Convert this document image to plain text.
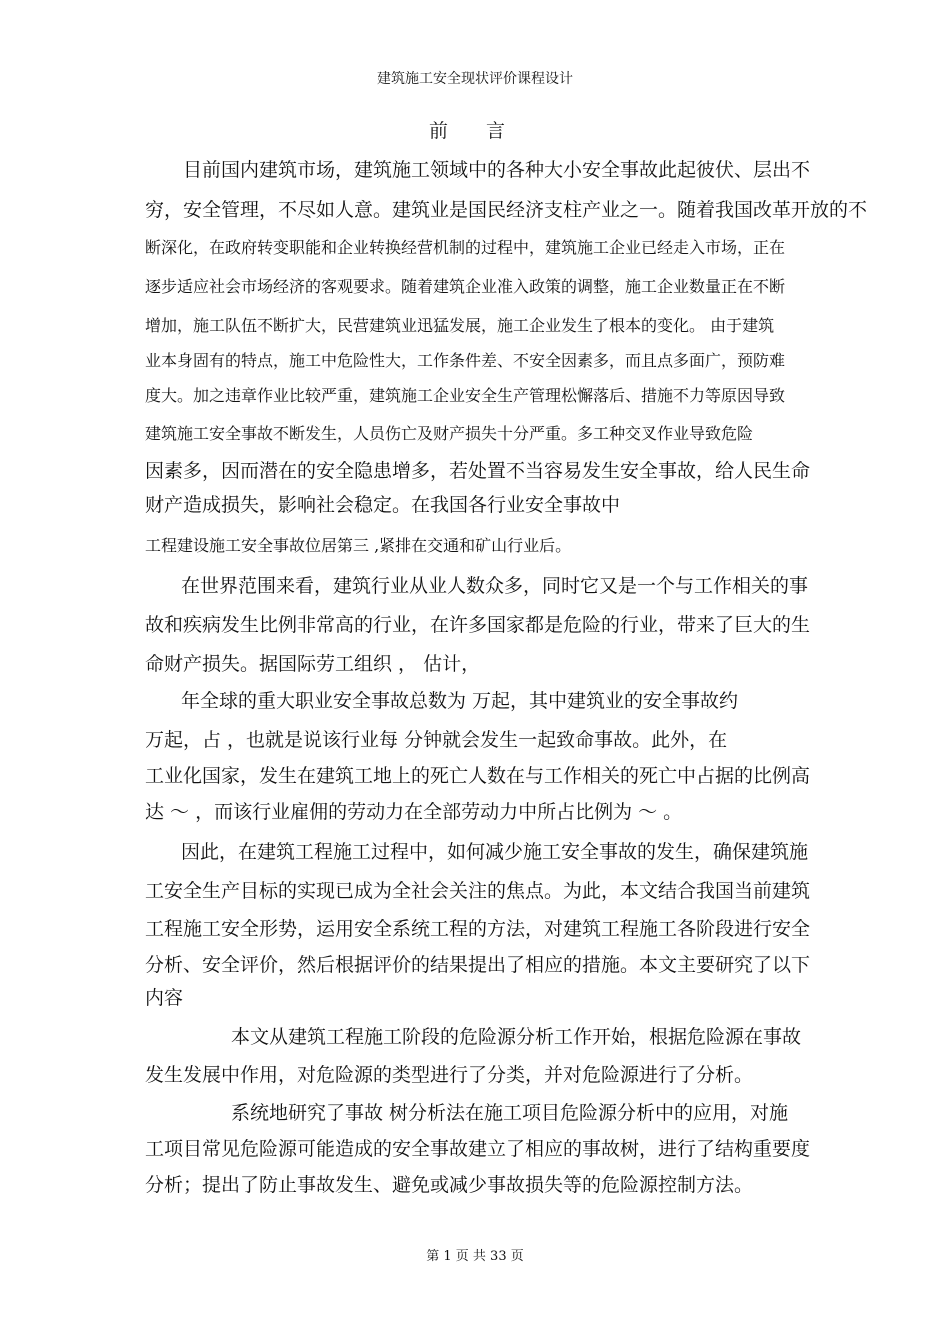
建筑施工安全现状评价课程设计
前 言
目前国内建筑市场，建筑施工领域中的各种大小安全事故此起彼伏、层出不
穷，安全管理，不尽如人意。建筑业是国民经济支柱产业之一。随着我国改革开放的不
断深化，在政府转变职能和企业转换经营机制的过程中，建筑施工企业已经走入市场，正在
逐步适应社会市场经济的客观要求。随着建筑企业准入政策的调整，施工企业数量正在不断
增加，施工队伍不断扩大，民营建筑业迅猛发展，施工企业发生了根本的变化。 由于建筑
业本身固有的特点，施工中危险性大，工作条件差、不安全因素多，而且点多面广，预防难
度大。加之违章作业比较严重，建筑施工企业安全生产管理松懈落后、措施不力等原因导致
建筑施工安全事故不断发生，人员伤亡及财产损失十分严重。多工种交叉作业导致危险
因素多，因而潜在的安全隐患增多，若处置不当容易发生安全事故，给人民生命
财产造成损失，影响社会稳定。在我国各行业安全事故中
工程建设施工安全事故位居第三 ,紧排在交通和矿山行业后。
在世界范围来看，建筑行业从业人数众多，同时它又是一个与工作相关的事
故和疾病发生比例非常高的行业，在许多国家都是危险的行业，带来了巨大的生
命财产损失。据国际劳工组织 ， 估计，
年全球的重大职业安全事故总数为 万起，其中建筑业的安全事故约
万起，占 ，也就是说该行业每 分钟就会发生一起致命事故。此外，在
工业化国家，发生在建筑工地上的死亡人数在与工作相关的死亡中占据的比例高
达 ～ ，而该行业雇佣的劳动力在全部劳动力中所占比例为 ～ 。
因此，在建筑工程施工过程中，如何减少施工安全事故的发生，确保建筑施
工安全生产目标的实现已成为全社会关注的焦点。为此，本文结合我国当前建筑
工程施工安全形势，运用安全系统工程的方法，对建筑工程施工各阶段进行安全
分析、安全评价，然后根据评价的结果提出了相应的措施。本文主要研究了以下
内容
本文从建筑工程施工阶段的危险源分析工作开始，根据危险源在事故
发生发展中作用，对危险源的类型进行了分类，并对危险源进行了分析。
系统地研究了事故 树分析法在施工项目危险源分析中的应用，对施
工项目常见危险源可能造成的安全事故建立了相应的事故树，进行了结构重要度
分析；提出了防止事故发生、避免或减少事故损失等的危险源控制方法。
第 1 页 共 33 页
